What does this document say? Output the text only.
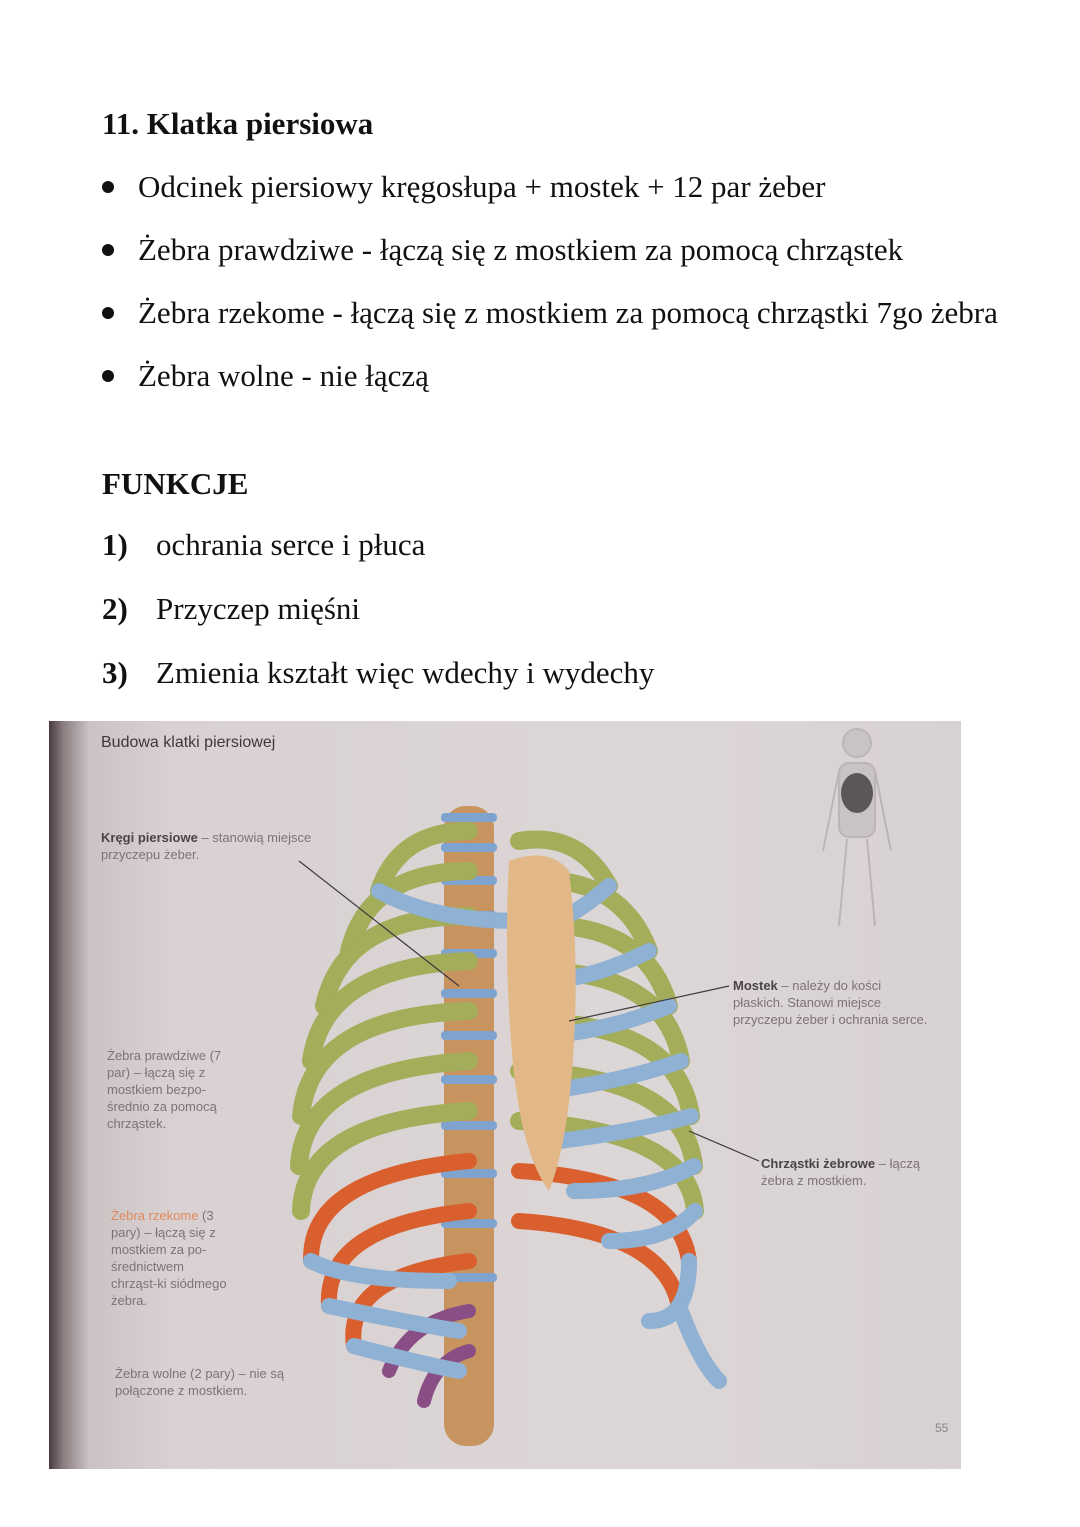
11. Klatka piersiowa
Odcinek piersiowy kręgosłupa + mostek + 12 par żeber
Żebra prawdziwe - łączą się z mostkiem za pomocą chrząstek
Żebra rzekome - łączą się z mostkiem za pomocą chrząstki 7go żebra
Żebra wolne - nie łączą
FUNKCJE
1) ochrania serce i płuca
2) Przyczep mięśni
3) Zmienia kształt więc wdechy i wydechy
Budowa klatki piersiowej
Kręgi piersiowe – stanowią miejsce przyczepu żeber.
Mostek – należy do kości płaskich. Stanowi miejsce przyczepu żeber i ochrania serce.
Żebra prawdziwe (7 par) – łączą się z mostkiem bezpo-średnio za pomocą chrząstek.
Żebra rzekome (3 pary) – łączą się z mostkiem za po-średnictwem chrząst-ki siódmego żebra.
Żebra wolne (2 pary) – nie są połączone z mostkiem.
Chrząstki żebrowe – łączą żebra z mostkiem.
55
